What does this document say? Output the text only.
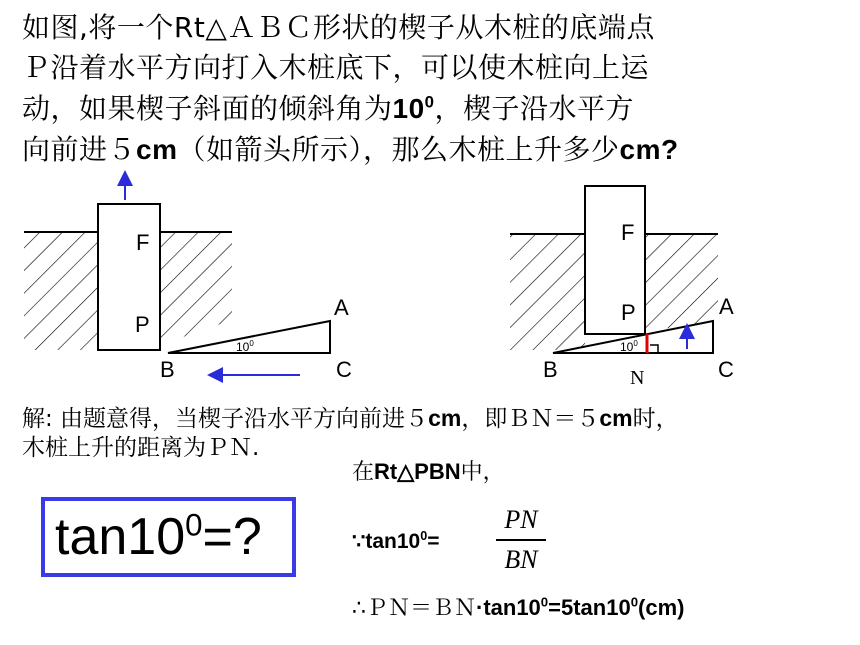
如图,将一个Rt△ＡＢＣ形状的楔子从木桩的底端点
Ｐ沿着水平方向打入木桩底下，可以使木桩向上运
动，如果楔子斜面的倾斜角为$10^0$，楔子沿水平方
向前进５cm（如箭头所示），那么木桩上升多少cm?
F
P
A
B	C
$10^0$
F
P	A
B	C
N
$10^0$
解: 由题意得，当楔子沿水平方向前进５cm，即ＢＮ＝５cm时，
木桩上升的距离为ＰＮ.
在Rt△PBN中，
$\because\tan 10^0=$
PN
BN
$\therefore PN=BN\cdot\tan 10^0=5\tan 10^0(cm)$
$\tan 10^0=$?
